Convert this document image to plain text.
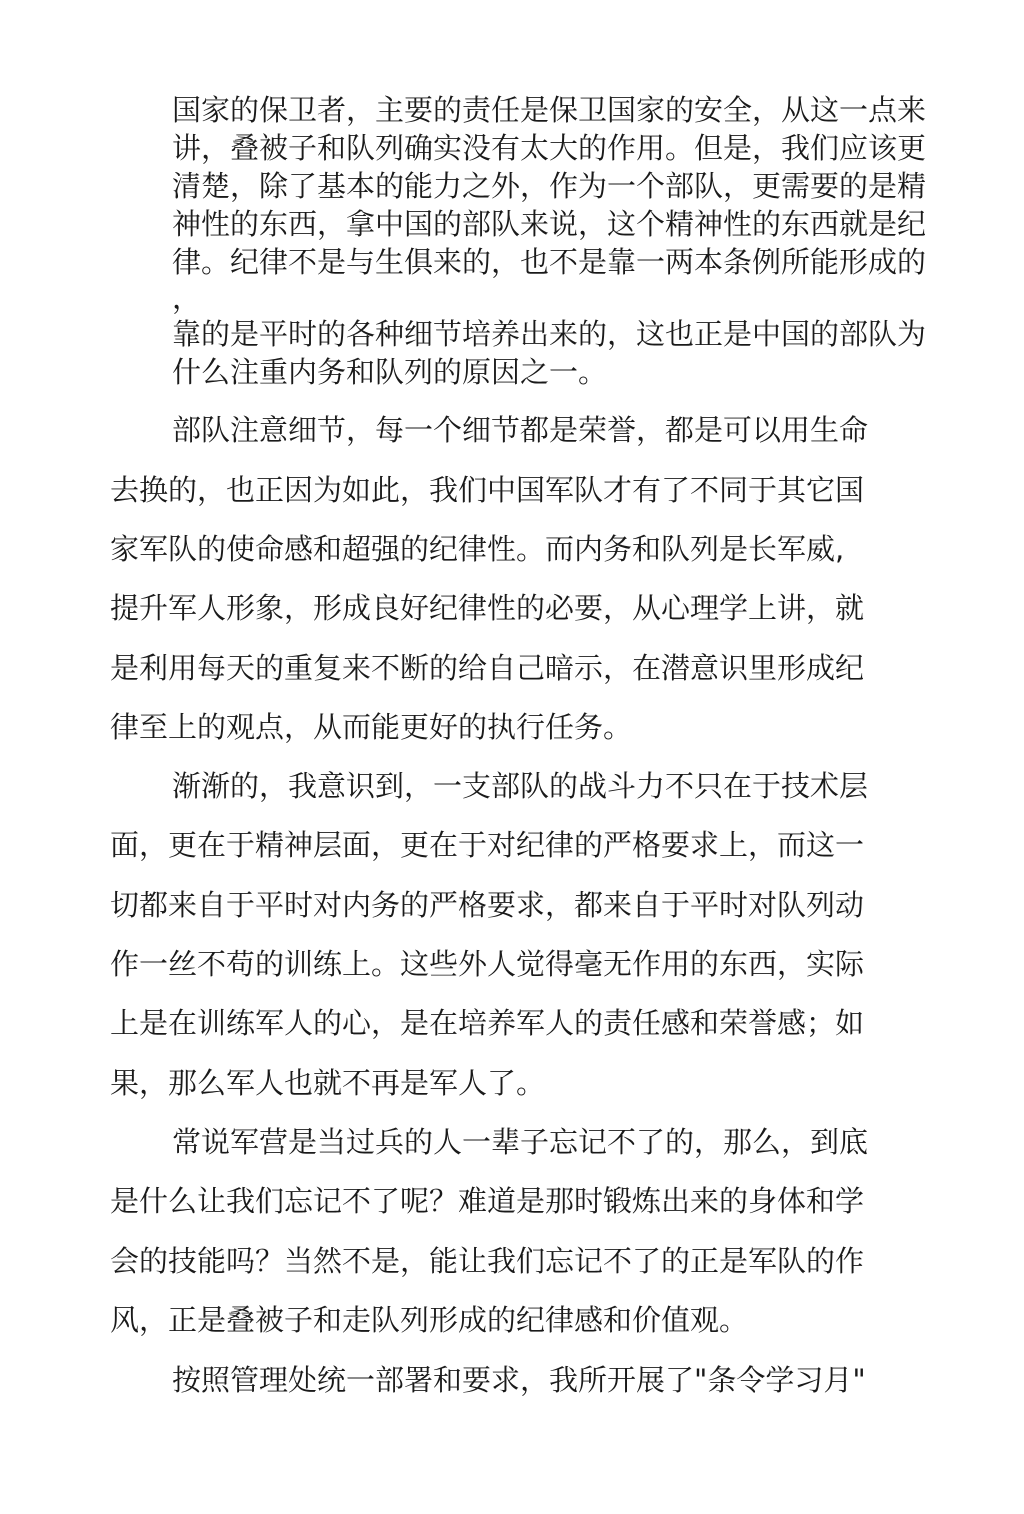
国家的保卫者，主要的责任是保卫国家的安全，从这一点来
讲，叠被子和队列确实没有太大的作用。但是，我们应该更
清楚，除了基本的能力之外，作为一个部队，更需要的是精
神性的东西，拿中国的部队来说，这个精神性的东西就是纪
律。纪律不是与生俱来的，也不是靠一两本条例所能形成的
，
靠的是平时的各种细节培养出来的，这也正是中国的部队为
什么注重内务和队列的原因之一。
部队注意细节，每一个细节都是荣誉，都是可以用生命
去换的，也正因为如此，我们中国军队才有了不同于其它国
家军队的使命感和超强的纪律性。而内务和队列是长军威,
提升军人形象，形成良好纪律性的必要，从心理学上讲，就
是利用每天的重复来不断的给自己暗示，在潜意识里形成纪
律至上的观点，从而能更好的执行任务。
渐渐的，我意识到，一支部队的战斗力不只在于技术层
面，更在于精神层面，更在于对纪律的严格要求上，而这一
切都来自于平时对内务的严格要求，都来自于平时对队列动
作一丝不苟的训练上。这些外人觉得毫无作用的东西，实际
上是在训练军人的心，是在培养军人的责任感和荣誉感；如
果，那么军人也就不再是军人了。
常说军营是当过兵的人一辈子忘记不了的，那么，到底
是什么让我们忘记不了呢？难道是那时锻炼出来的身体和学
会的技能吗？当然不是，能让我们忘记不了的正是军队的作
风，正是叠被子和走队列形成的纪律感和价值观。
按照管理处统一部署和要求，我所开展了"条令学习月"
